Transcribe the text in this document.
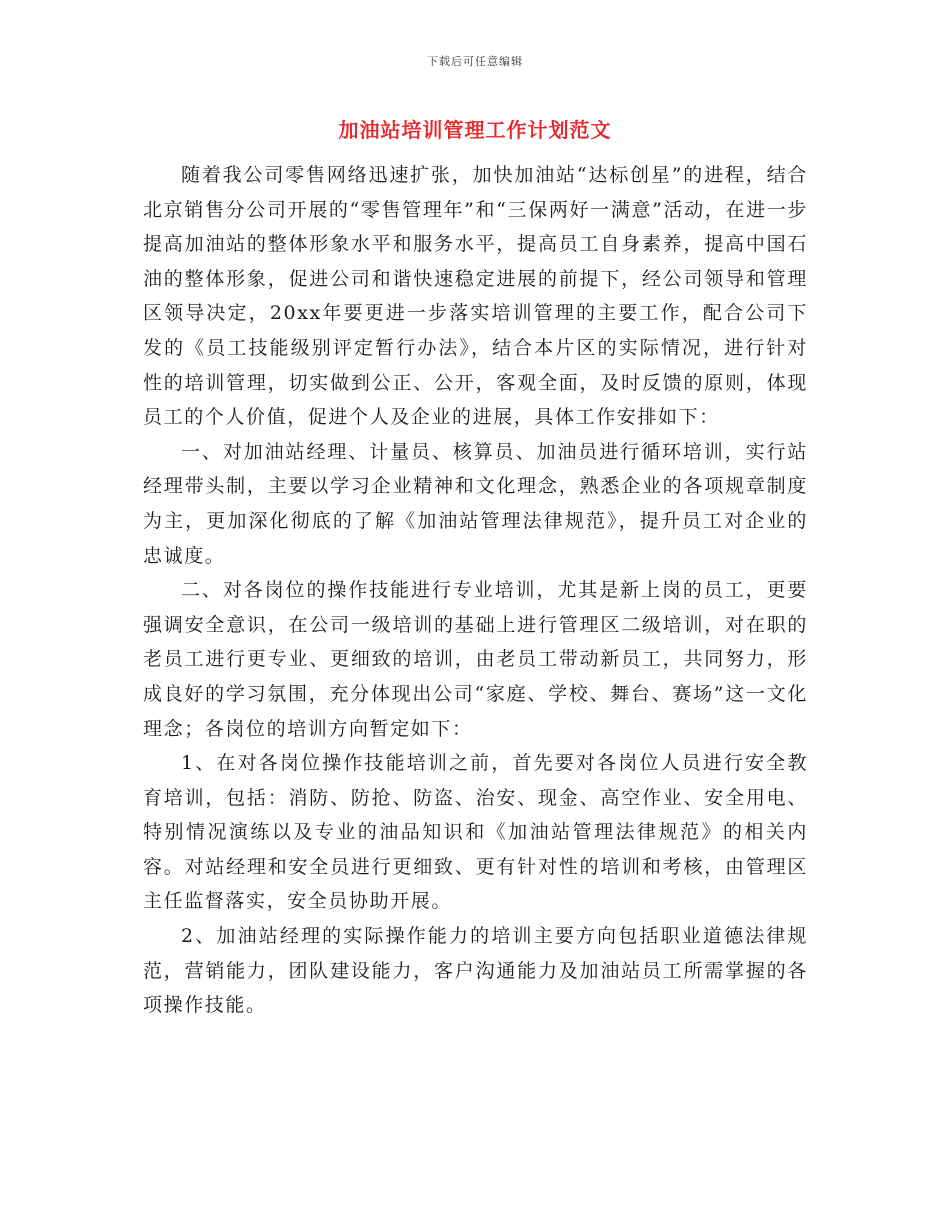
下载后可任意编辑
加油站培训管理工作计划范文

随着我公司零售网络迅速扩张，加快加油站“达标创星”的进程，结合北京销售分公司开展的“零售管理年”和“三保两好一满意”活动，在进一步提高加油站的整体形象水平和服务水平，提高员工自身素养，提高中国石油的整体形象，促进公司和谐快速稳定进展的前提下，经公司领导和管理区领导决定，20xx年要更进一步落实培训管理的主要工作，配合公司下发的《员工技能级别评定暂行办法》，结合本片区的实际情况，进行针对性的培训管理，切实做到公正、公开，客观全面，及时反馈的原则，体现员工的个人价值，促进个人及企业的进展，具体工作安排如下：

一、对加油站经理、计量员、核算员、加油员进行循环培训，实行站经理带头制，主要以学习企业精神和文化理念，熟悉企业的各项规章制度为主，更加深化彻底的了解《加油站管理法律规范》，提升员工对企业的忠诚度。

二、对各岗位的操作技能进行专业培训，尤其是新上岗的员工，更要强调安全意识，在公司一级培训的基础上进行管理区二级培训，对在职的老员工进行更专业、更细致的培训，由老员工带动新员工，共同努力，形成良好的学习氛围，充分体现出公司“家庭、学校、舞台、赛场”这一文化理念；各岗位的培训方向暂定如下：

1、在对各岗位操作技能培训之前，首先要对各岗位人员进行安全教育培训，包括：消防、防抢、防盗、治安、现金、高空作业、安全用电、特别情况演练以及专业的油品知识和《加油站管理法律规范》的相关内容。对站经理和安全员进行更细致、更有针对性的培训和考核，由管理区主任监督落实，安全员协助开展。

2、加油站经理的实际操作能力的培训主要方向包括职业道德法律规范，营销能力，团队建设能力，客户沟通能力及加油站员工所需掌握的各项操作技能。
